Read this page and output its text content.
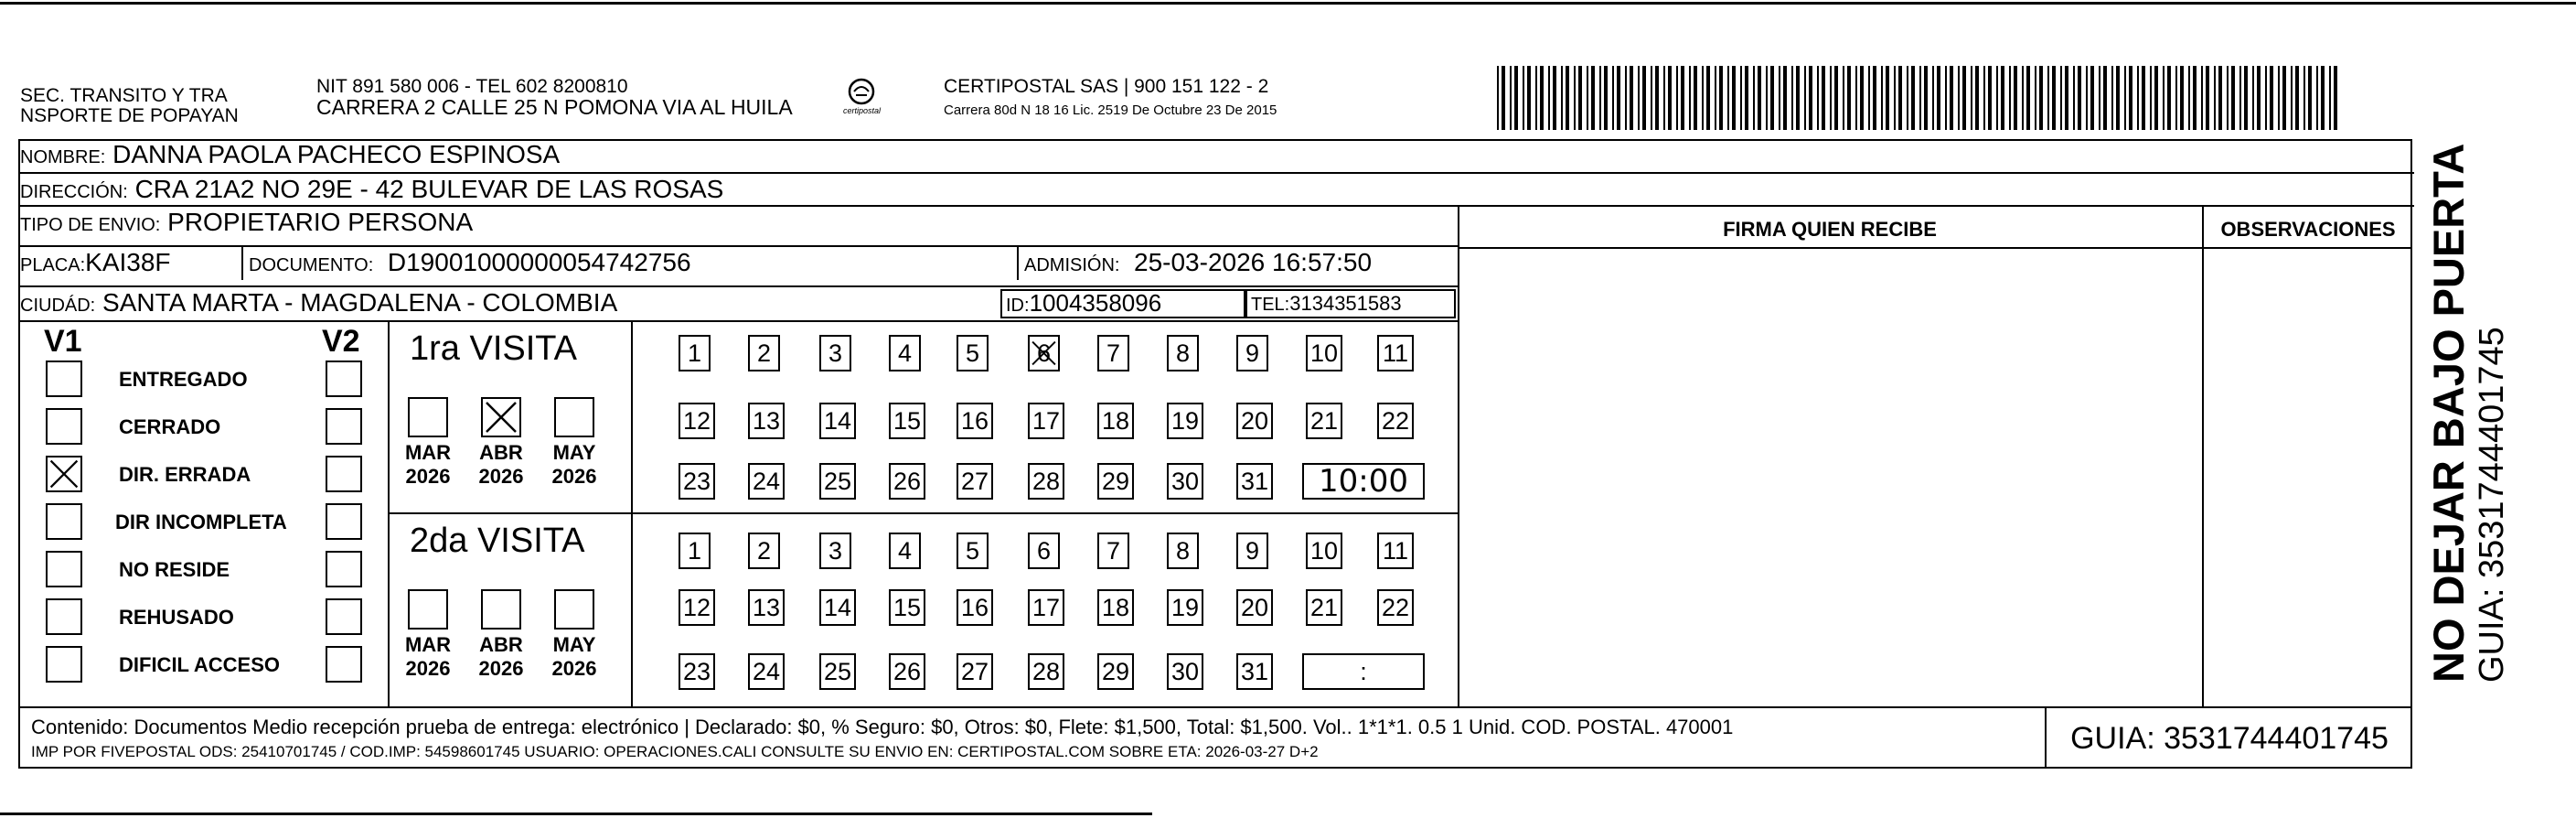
SEC. TRANSITO Y TRA
NSPORTE DE POPAYAN
NIT 891 580 006 - TEL 602 8200810
CARRERA 2 CALLE 25 N POMONA VIA AL HUILA	certipostal
CERTIPOSTAL SAS | 900 151 122 - 2
Carrera 80d N 18 16 Lic. 2519 De Octubre 23 De 2015
NOMBRE: DANNA PAOLA PACHECO ESPINOSA
DIRECCIÓN: CRA 21A2 NO 29E - 42 BULEVAR DE LAS ROSAS
TIPO DE ENVIO: PROPIETARIO PERSONA
PLACA:KAI38F	DOCUMENTO: D19001000000054742756	ADMISIÓN: 25-03-2026 16:57:50
CIUDÁD: SANTA MARTA - MAGDALENA - COLOMBIA	ID:1004358096	TEL:3134351583
FIRMA QUIEN RECIBE	OBSERVACIONES
V1	V2
ENTREGADO
CERRADO
DIR. ERRADA
DIR INCOMPLETA
NO RESIDE
REHUSADO
DIFICIL ACCESO
1ra VISITA
2da VISITA
MAR
2026
ABR
2026
MAY
2026
MAR
2026
ABR
2026
MAY
2026
1	2	3	4	5	6	7	8	9	10 11
12 13 14 15 16 17 18 19 20 21 22
23 24 25 26 27 28 29 30 31	10:00
1	2	3	4	5	6	7	8	9	10 11
12 13 14 15 16 17 18 19 20 21 22
23 24 25 26 27 28 29 30 31	:
Contenido: Documentos Medio recepción prueba de entrega: electrónico | Declarado: $0, % Seguro: $0, Otros: $0, Flete: $1,500, Total: $1,500. Vol.. 1*1*1. 0.5 1 Unid. COD. POSTAL. 470001
IMP POR FIVEPOSTAL ODS: 25410701745 / COD.IMP: 54598601745 USUARIO: OPERACIONES.CALI CONSULTE SU ENVIO EN: CERTIPOSTAL.COM SOBRE ETA: 2026-03-27 D+2	GUIA: 3531744401745
NO DEJAR BAJO PUERTA GUIA: 3531744401745
